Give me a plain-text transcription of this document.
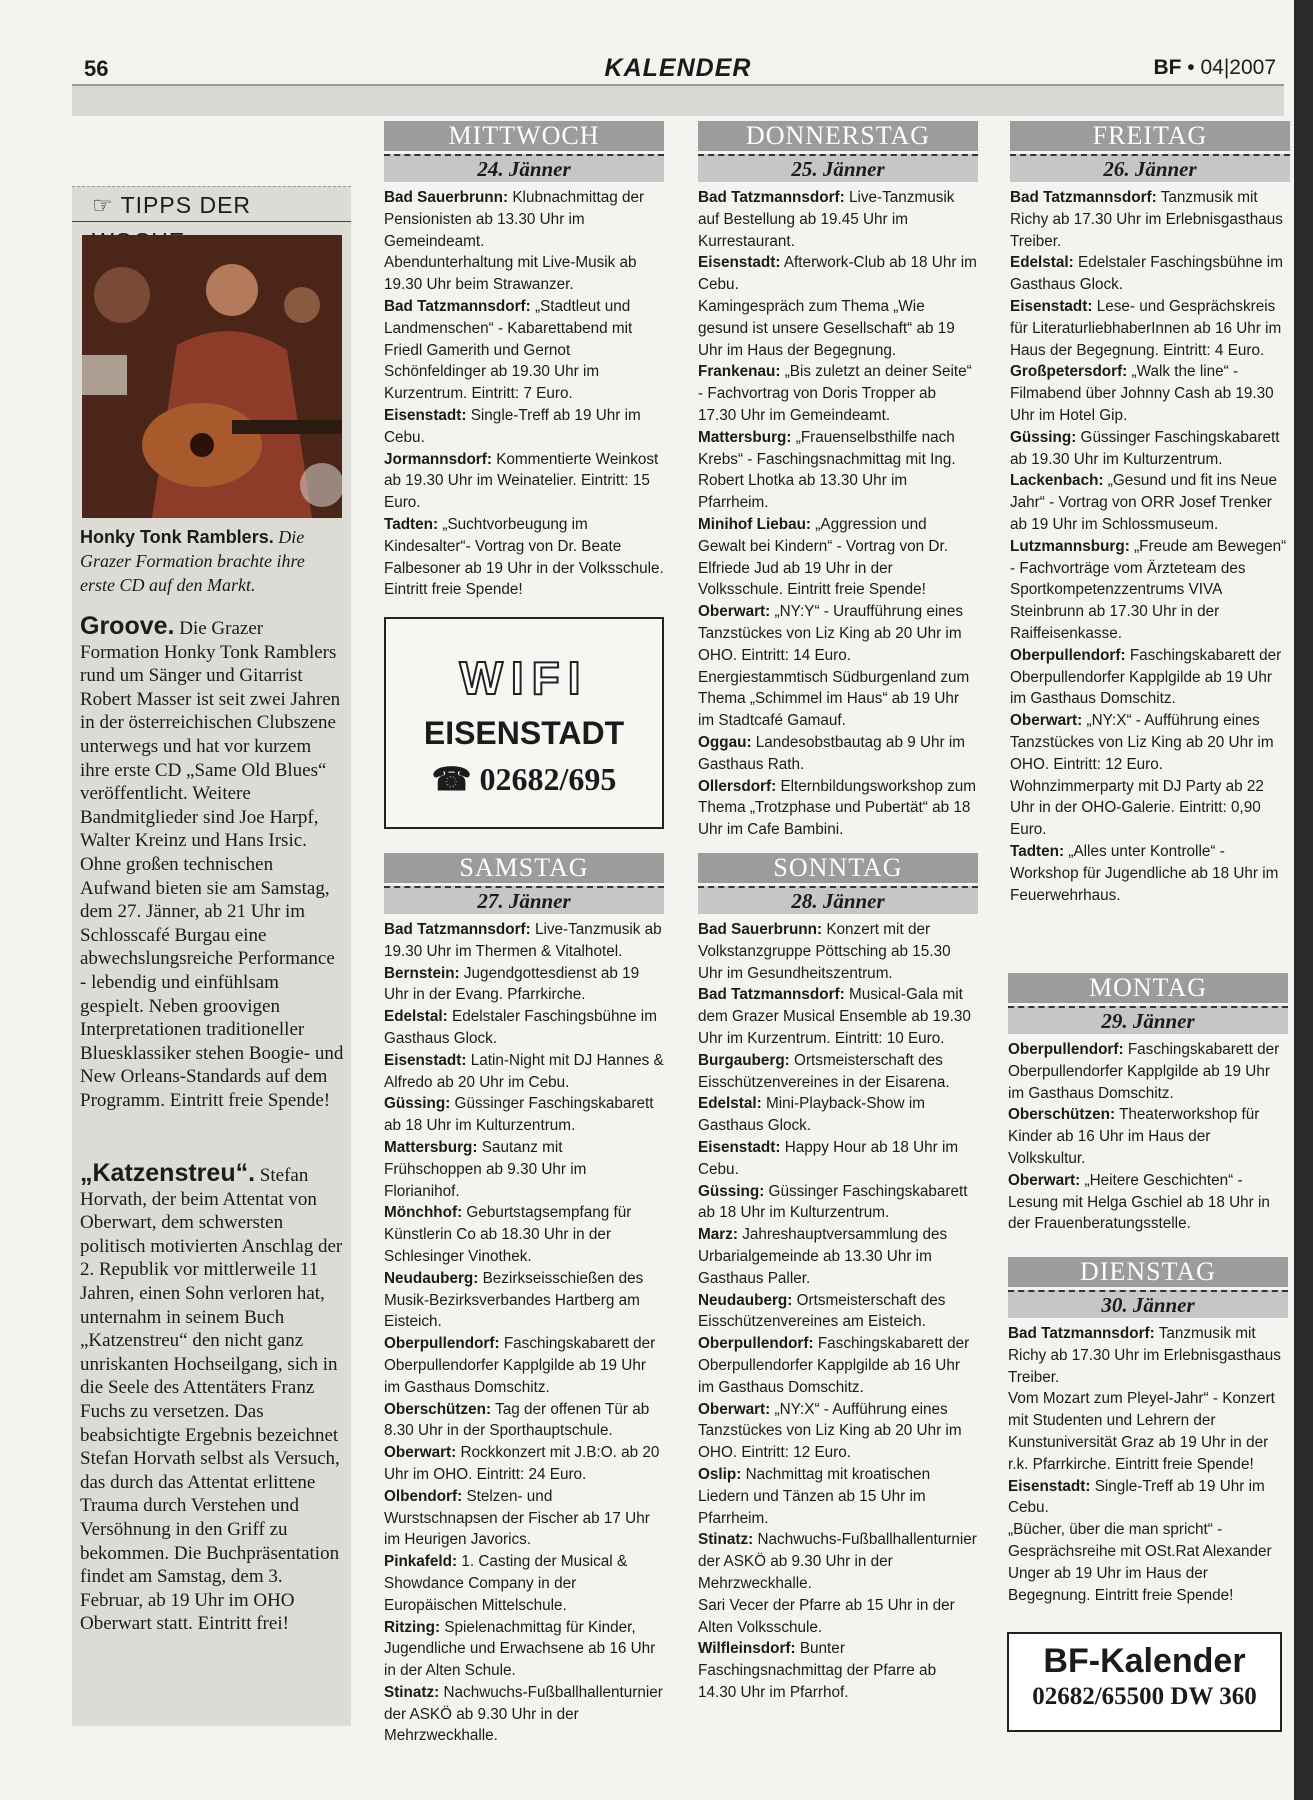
56	KALENDER	BF • 04|2007
☞ TIPPS DER
Honky Tonk Ramblers. Die Grazer Formation brachte ihre erste CD auf den Markt.
Groove. Die Grazer Formation Honky Tonk Ramblers rund um Sänger und Gitarrist Robert Masser ist seit zwei Jahren in der österreichischen Clubszene unterwegs und hat vor kurzem ihre erste CD „Same Old Blues“ veröffentlicht. Weitere Bandmitglieder sind Joe Harpf, Walter Kreinz und Hans Irsic. Ohne großen technischen Aufwand bieten sie am Samstag, dem 27. Jänner, ab 21 Uhr im Schlosscafé Burgau eine abwechslungsreiche Performance - lebendig und einfühlsam gespielt. Neben groovigen Interpretationen traditioneller Bluesklassiker stehen Boogie- und New Orleans-Standards auf dem Programm. Eintritt freie Spende!
„Katzenstreu“. Stefan Horvath, der beim Attentat von Oberwart, dem schwersten politisch motivierten Anschlag der 2. Republik vor mittlerweile 11 Jahren, einen Sohn verloren hat, unternahm in seinem Buch „Katzenstreu“ den nicht ganz unriskanten Hochseilgang, sich in die Seele des Attentäters Franz Fuchs zu versetzen. Das beabsichtigte Ergebnis bezeichnet Stefan Horvath selbst als Versuch, das durch das Attentat erlittene Trauma durch Verstehen und Versöhnung in den Griff zu bekommen. Die Buchpräsentation findet am Samstag, dem 3. Februar, ab 19 Uhr im OHO Oberwart statt. Eintritt frei!
MITTWOCH
24. Jänner
DONNERSTAG
25. Jänner
FREITAG
26. Jänner
SAMSTAG
27. Jänner
SONNTAG
28. Jänner
MONTAG
29. Jänner
DIENSTAG
30. Jänner

Bad Sauerbrunn: Klubnachmittag der Pensionisten ab 13.30 Uhr im Gemeindeamt.

Abendunterhaltung mit Live-Musik ab 19.30 Uhr beim Strawanzer.

Bad Tatzmannsdorf: „Stadtleut und Landmenschen“ - Kabarettabend mit Friedl Gamerith und Gernot Schönfeldinger ab 19.30 Uhr im Kurzentrum. Eintritt: 7 Euro.

Eisenstadt: Single-Treff ab 19 Uhr im Cebu.

Jormannsdorf: Kommentierte Weinkost ab 19.30 Uhr im Weinatelier. Eintritt: 15 Euro.

Tadten: „Suchtvorbeugung im Kindesalter“- Vortrag von Dr. Beate Falbesoner ab 19 Uhr in der Volksschule. Eintritt freie Spende!

Bad Tatzmannsdorf: Live-Tanzmusik auf Bestellung ab 19.45 Uhr im Kurrestaurant.

Eisenstadt: Afterwork-Club ab 18 Uhr im Cebu.

Kamingespräch zum Thema „Wie gesund ist unsere Gesellschaft“ ab 19 Uhr im Haus der Begegnung.

Frankenau: „Bis zuletzt an deiner Seite“ - Fachvortrag von Doris Tropper ab 17.30 Uhr im Gemeindeamt.

Mattersburg: „Frauenselbsthilfe nach Krebs“ - Faschingsnachmittag mit Ing. Robert Lhotka ab 13.30 Uhr im Pfarrheim.

Minihof Liebau: „Aggression und Gewalt bei Kindern“ - Vortrag von Dr. Elfriede Jud ab 19 Uhr in der Volksschule. Eintritt freie Spende!

Oberwart: „NY:Y“ - Uraufführung eines Tanzstückes von Liz King ab 20 Uhr im OHO. Eintritt: 14 Euro.

Energiestammtisch Südburgenland zum Thema „Schimmel im Haus“ ab 19 Uhr im Stadtcafé Gamauf.

Oggau: Landesobstbautag ab 9 Uhr im Gasthaus Rath.

Ollersdorf: Elternbildungsworkshop zum Thema „Trotzphase und Pubertät“ ab 18 Uhr im Cafe Bambini.

Bad Tatzmannsdorf: Tanzmusik mit Richy ab 17.30 Uhr im Erlebnisgasthaus Treiber.

Edelstal: Edelstaler Faschingsbühne im Gasthaus Glock.

Eisenstadt: Lese- und Gesprächskreis für LiteraturliebhaberInnen ab 16 Uhr im Haus der Begegnung. Eintritt: 4 Euro.

Großpetersdorf: „Walk the line“ - Filmabend über Johnny Cash ab 19.30 Uhr im Hotel Gip.

Güssing: Güssinger Faschingskabarett ab 19.30 Uhr im Kulturzentrum.

Lackenbach: „Gesund und fit ins Neue Jahr“ - Vortrag von ORR Josef Trenker ab 19 Uhr im Schlossmuseum.

Lutzmannsburg: „Freude am Bewegen“ - Fachvorträge vom Ärzteteam des Sportkompetenzzentrums VIVA Steinbrunn ab 17.30 Uhr in der Raiffeisenkasse.

Oberpullendorf: Faschingskabarett der Oberpullendorfer Kapplgilde ab 19 Uhr im Gasthaus Domschitz.

Oberwart: „NY:X“ - Aufführung eines Tanzstückes von Liz King ab 20 Uhr im OHO. Eintritt: 12 Euro.

Wohnzimmerparty mit DJ Party ab 22 Uhr in der OHO-Galerie. Eintritt: 0,90 Euro.

Tadten: „Alles unter Kontrolle“ - Workshop für Jugendliche ab 18 Uhr im Feuerwehrhaus.

Bad Tatzmannsdorf: Live-Tanzmusik ab 19.30 Uhr im Thermen & Vitalhotel.

Bernstein: Jugendgottesdienst ab 19 Uhr in der Evang. Pfarrkirche.

Edelstal: Edelstaler Faschingsbühne im Gasthaus Glock.

Eisenstadt: Latin-Night mit DJ Hannes & Alfredo ab 20 Uhr im Cebu.

Güssing: Güssinger Faschingskabarett ab 18 Uhr im Kulturzentrum.

Mattersburg: Sautanz mit Frühschoppen ab 9.30 Uhr im Florianihof.

Mönchhof: Geburtstagsempfang für Künstlerin Co ab 18.30 Uhr in der Schlesinger Vinothek.

Neudauberg: Bezirkseisschießen des Musik-Bezirksverbandes Hartberg am Eisteich.

Oberpullendorf: Faschingskabarett der Oberpullendorfer Kapplgilde ab 19 Uhr im Gasthaus Domschitz.

Oberschützen: Tag der offenen Tür ab 8.30 Uhr in der Sporthauptschule.

Oberwart: Rockkonzert mit J.B:O. ab 20 Uhr im OHO. Eintritt: 24 Euro.

Olbendorf: Stelzen- und Wurstschnapsen der Fischer ab 17 Uhr im Heurigen Javorics.

Pinkafeld: 1. Casting der Musical & Showdance Company in der Europäischen Mittelschule.

Ritzing: Spielenachmittag für Kinder, Jugendliche und Erwachsene ab 16 Uhr in der Alten Schule.

Stinatz: Nachwuchs-Fußballhallenturnier der ASKÖ ab 9.30 Uhr in der Mehrzweckhalle.

Bad Sauerbrunn: Konzert mit der Volkstanzgruppe Pöttsching ab 15.30 Uhr im Gesundheitszentrum.

Bad Tatzmannsdorf: Musical-Gala mit dem Grazer Musical Ensemble ab 19.30 Uhr im Kurzentrum. Eintritt: 10 Euro.

Burgauberg: Ortsmeisterschaft des Eisschützenvereines in der Eisarena.

Edelstal: Mini-Playback-Show im Gasthaus Glock.

Eisenstadt: Happy Hour ab 18 Uhr im Cebu.

Güssing: Güssinger Faschingskabarett ab 18 Uhr im Kulturzentrum.

Marz: Jahreshauptversammlung des Urbarialgemeinde ab 13.30 Uhr im Gasthaus Paller.

Neudauberg: Ortsmeisterschaft des Eisschützenvereines am Eisteich.

Oberpullendorf: Faschingskabarett der Oberpullendorfer Kapplgilde ab 16 Uhr im Gasthaus Domschitz.

Oberwart: „NY:X“ - Aufführung eines Tanzstückes von Liz King ab 20 Uhr im OHO. Eintritt: 12 Euro.

Oslip: Nachmittag mit kroatischen Liedern und Tänzen ab 15 Uhr im Pfarrheim.

Stinatz: Nachwuchs-Fußballhallenturnier der ASKÖ ab 9.30 Uhr in der Mehrzweckhalle.

Sari Vecer der Pfarre ab 15 Uhr in der Alten Volksschule.

Wilfleinsdorf: Bunter Faschingsnachmittag der Pfarre ab 14.30 Uhr im Pfarrhof.

Oberpullendorf: Faschingskabarett der Oberpullendorfer Kapplgilde ab 19 Uhr im Gasthaus Domschitz.

Oberschützen: Theaterworkshop für Kinder ab 16 Uhr im Haus der Volkskultur.

Oberwart: „Heitere Geschichten“ - Lesung mit Helga Gschiel ab 18 Uhr in der Frauenberatungsstelle.

Bad Tatzmannsdorf: Tanzmusik mit Richy ab 17.30 Uhr im Erlebnisgasthaus Treiber.

Vom Mozart zum Pleyel-Jahr“ - Konzert mit Studenten und Lehrern der Kunstuniversität Graz ab 19 Uhr in der r.k. Pfarrkirche. Eintritt freie Spende!

Eisenstadt: Single-Treff ab 19 Uhr im Cebu.

„Bücher, über die man spricht“ - Gesprächsreihe mit OSt.Rat Alexander Unger ab 19 Uhr im Haus der Begegnung. Eintritt freie Spende!

WIFI
EISENSTADT
☎ 02682/695
BF-Kalender
02682/65500 DW 360
